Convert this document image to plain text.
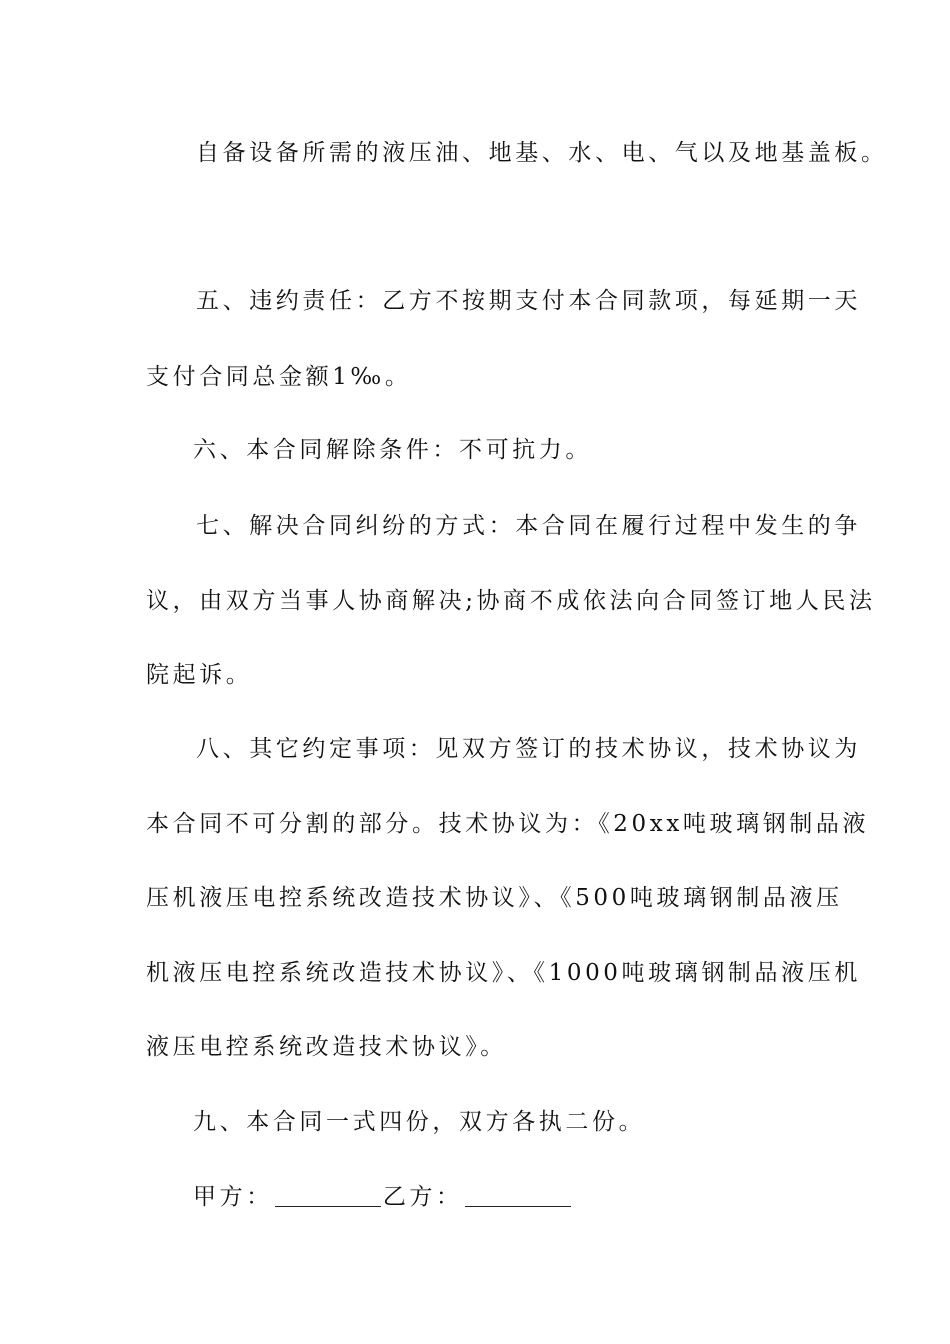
自备设备所需的液压油、地基、水、电、气以及地基盖板。
五、违约责任：乙方不按期支付本合同款项，每延期一天
支付合同总金额1‰。
六、本合同解除条件：不可抗力。
七、解决合同纠纷的方式：本合同在履行过程中发生的争
议，由双方当事人协商解决;协商不成依法向合同签订地人民法
院起诉。
八、其它约定事项：见双方签订的技术协议，技术协议为
本合同不可分割的部分。技术协议为：《20xx吨玻璃钢制品液
压机液压电控系统改造技术协议》、《500吨玻璃钢制品液压
机液压电控系统改造技术协议》、《1000吨玻璃钢制品液压机
液压电控系统改造技术协议》。
九、本合同一式四份，双方各执二份。
甲方：	乙方：
